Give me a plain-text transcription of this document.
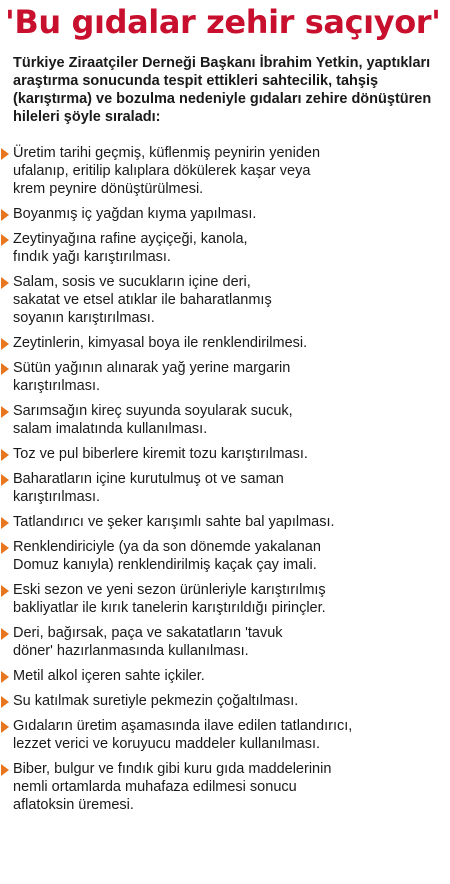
'Bu gıdalar zehir saçıyor'

Türkiye Ziraatçiler Derneği Başkanı İbrahim Yetkin, yaptıkları araştırma sonucunda tespit ettikleri sahtecilik, tahşiş (karıştırma) ve bozulma nedeniyle gıdaları zehire dönüştüren hileleri şöyle sıraladı:

Üretim tarihi geçmiş, küflenmiş peynirin yeniden
ufalanıp, eritilip kalıplara dökülerek kaşar veya
krem peynire dönüştürülmesi.
Boyanmış iç yağdan kıyma yapılması.
Zeytinyağına rafine ayçiçeği, kanola,
fındık yağı karıştırılması.
Salam, sosis ve sucukların içine deri,
sakatat ve etsel atıklar ile baharatlanmış
soyanın karıştırılması.
Zeytinlerin, kimyasal boya ile renklendirilmesi.
Sütün yağının alınarak yağ yerine margarin
karıştırılması.
Sarımsağın kireç suyunda soyularak sucuk,
salam imalatında kullanılması.
Toz ve pul biberlere kiremit tozu karıştırılması.
Baharatların içine kurutulmuş ot ve saman
karıştırılması.
Tatlandırıcı ve şeker karışımlı sahte bal yapılması.
Renklendiriciyle (ya da son dönemde yakalanan
Domuz kanıyla) renklendirilmiş kaçak çay imali.
Eski sezon ve yeni sezon ürünleriyle karıştırılmış
bakliyatlar ile kırık tanelerin karıştırıldığı pirinçler.
Deri, bağırsak, paça ve sakatatların 'tavuk
döner' hazırlanmasında kullanılması.
Metil alkol içeren sahte içkiler.
Su katılmak suretiyle pekmezin çoğaltılması.
Gıdaların üretim aşamasında ilave edilen tatlandırıcı,
lezzet verici ve koruyucu maddeler kullanılması.
Biber, bulgur ve fındık gibi kuru gıda maddelerinin
nemli ortamlarda muhafaza edilmesi sonucu
aflatoksin üremesi.
